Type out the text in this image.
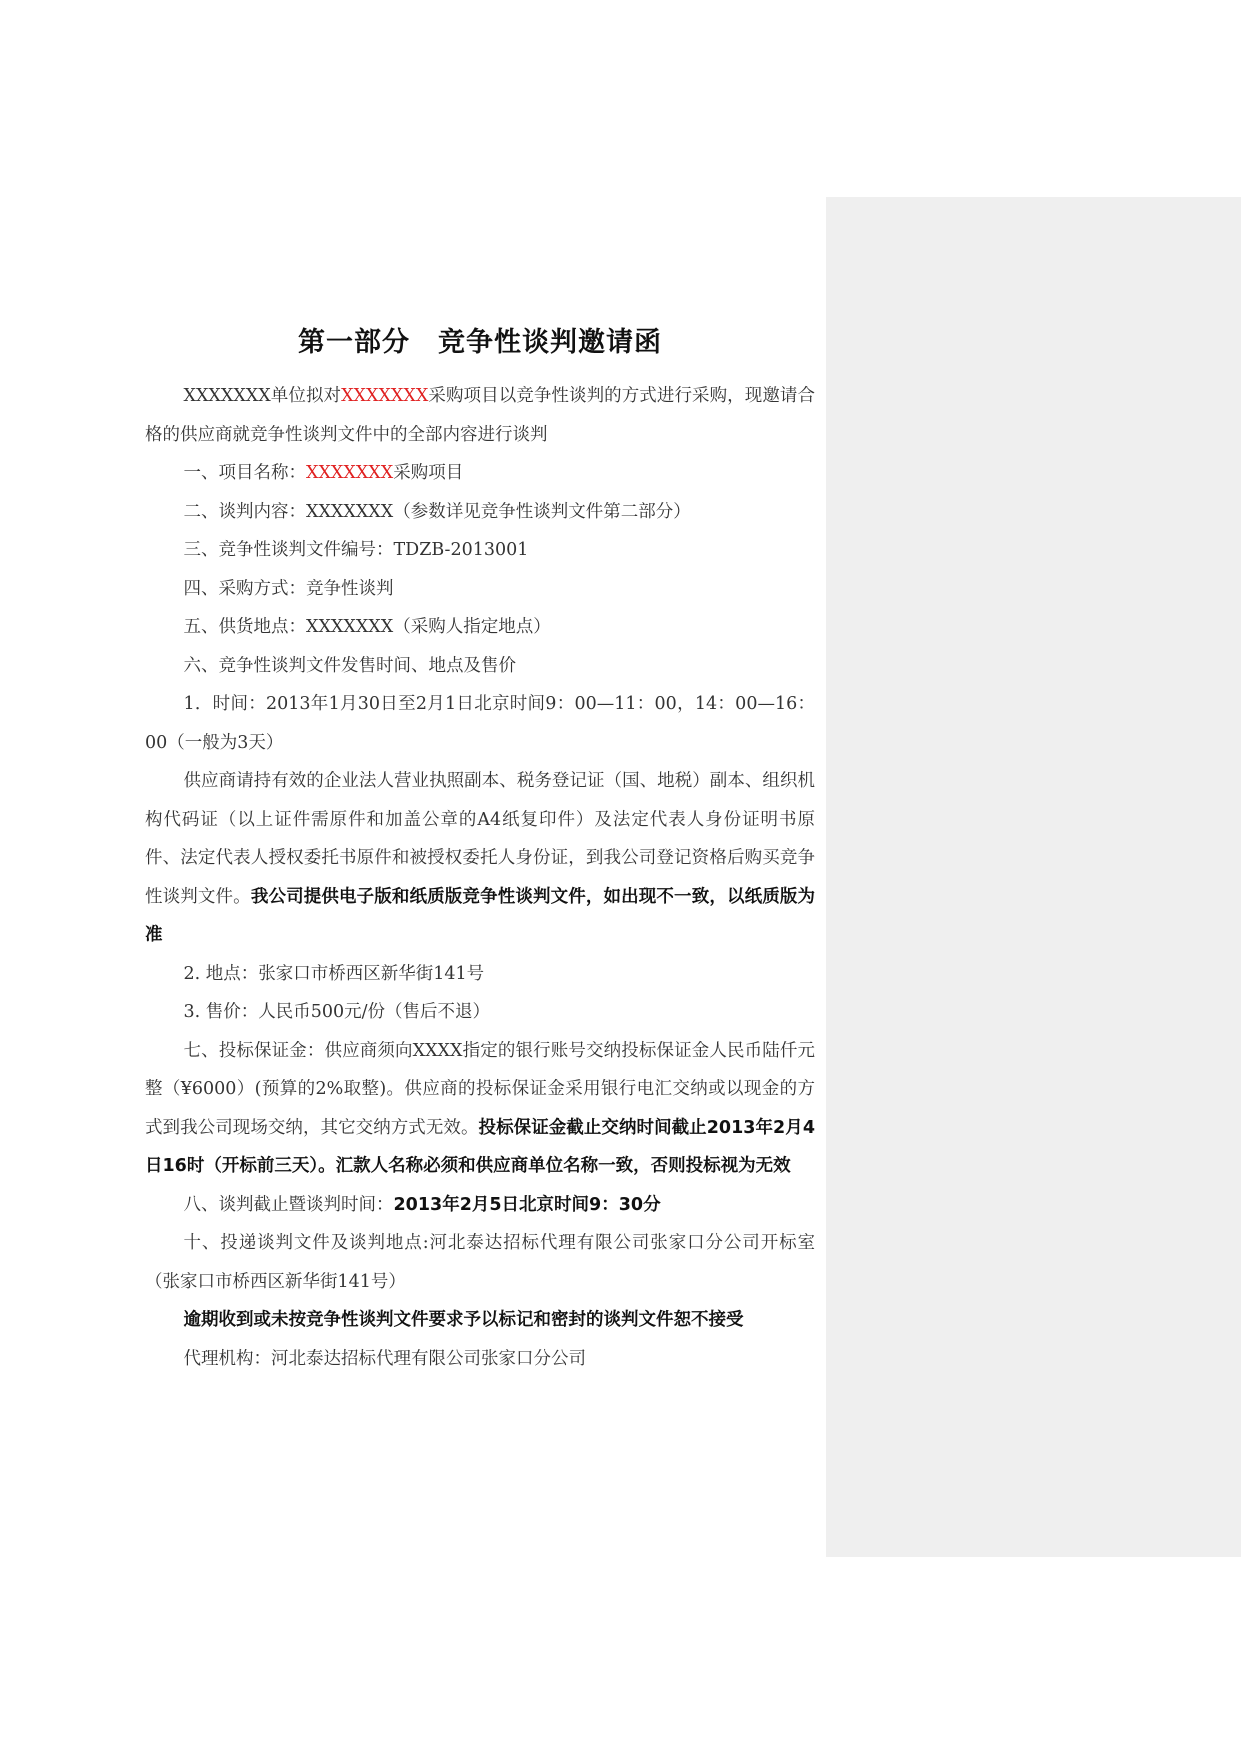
第一部分　竞争性谈判邀请函

XXXXXXX单位拟对XXXXXXX采购项目以竞争性谈判的方式进行采购，现邀请合格的供应商就竞争性谈判文件中的全部内容进行谈判

一、项目名称：XXXXXXX采购项目

二、谈判内容：XXXXXXX（参数详见竞争性谈判文件第二部分）

三、竞争性谈判文件编号：TDZB-2013001

四、采购方式：竞争性谈判

五、供货地点：XXXXXXX（采购人指定地点）

六、竞争性谈判文件发售时间、地点及售价

1．时间：2013年1月30日至2月1日北京时间9：00—11：00，14：00—16：00（一般为3天）

供应商请持有效的企业法人营业执照副本、税务登记证（国、地税）副本、组织机构代码证（以上证件需原件和加盖公章的A4纸复印件）及法定代表人身份证明书原件、法定代表人授权委托书原件和被授权委托人身份证，到我公司登记资格后购买竞争性谈判文件。我公司提供电子版和纸质版竞争性谈判文件，如出现不一致，以纸质版为准

2. 地点：张家口市桥西区新华街141号

3. 售价：人民币500元/份（售后不退）

七、投标保证金：供应商须向XXXX指定的银行账号交纳投标保证金人民币陆仟元整（¥6000）(预算的2%取整)。供应商的投标保证金采用银行电汇交纳或以现金的方式到我公司现场交纳，其它交纳方式无效。投标保证金截止交纳时间截止2013年2月4日16时（开标前三天）。汇款人名称必须和供应商单位名称一致，否则投标视为无效

八、谈判截止暨谈判时间：2013年2月5日北京时间9：30分

十、投递谈判文件及谈判地点:河北泰达招标代理有限公司张家口分公司开标室（张家口市桥西区新华街141号）

逾期收到或未按竞争性谈判文件要求予以标记和密封的谈判文件恕不接受

代理机构：河北泰达招标代理有限公司张家口分公司
